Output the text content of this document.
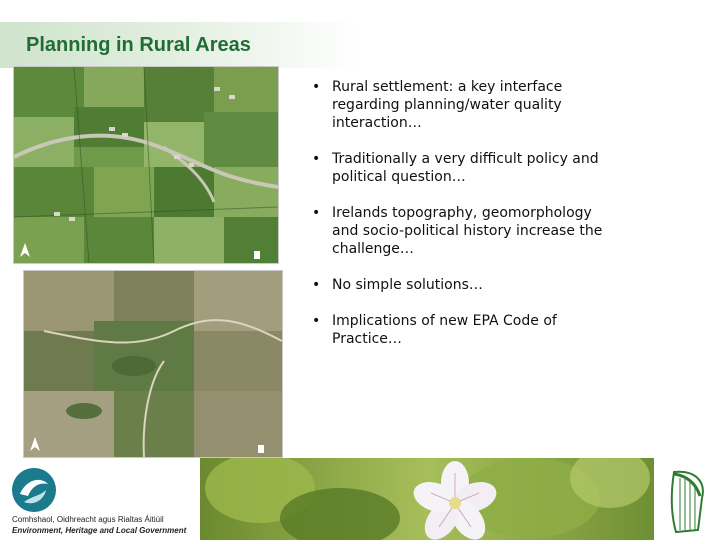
Planning in Rural Areas
• Rural settlement: a key interface regarding planning/water quality interaction…
• Traditionally a very difficult policy and political question…
• Irelands topography, geomorphology and socio-political history increase the challenge…
• No simple solutions…
• Implications of new EPA Code of Practice…
Comhshaol, Oidhreacht agus Rialtas Áitiúil
Environment, Heritage and Local Government
